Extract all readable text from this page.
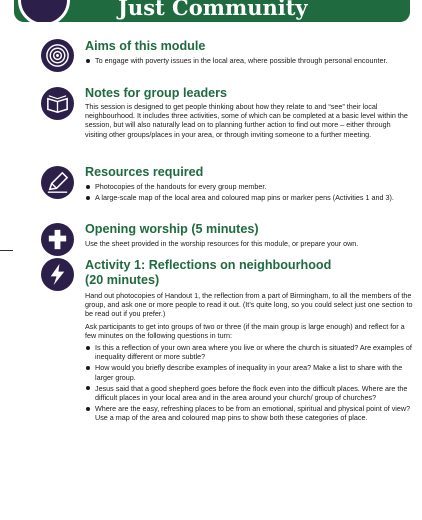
Just Community
Aims of this module
To engage with poverty issues in the local area, where possible through personal encounter.
Notes for group leaders

This session is designed to get people thinking about how they relate to and “see” their local neighbourhood. It includes three activities, some of which can be completed at a basic level within the session, but will also naturally lead on to planning further action to find out more – either through visiting other groups/places in your area, or through inviting someone to a further meeting.

Resources required
Photocopies of the handouts for every group member.
A large-scale map of the local area and coloured map pins or marker pens (Activities 1 and 3).
Opening worship (5 minutes)

Use the sheet provided in the worship resources for this module, or prepare your own.

Activity 1: Reflections on neighbourhood
(20 minutes)

Hand out photocopies of Handout 1, the reflection from a part of Birmingham, to all the members of the group, and ask one or more people to read it out. (It’s quite long, so you could select just one section to be read out if you prefer.)

Ask participants to get into groups of two or three (if the main group is large enough) and reflect for a few minutes on the following questions in turn:

Is this a reflection of your own area where you live or where the church is situated? Are examples of inequality different or more subtle?
How would you briefly describe examples of inequality in your area? Make a list to share with the larger group.
Jesus said that a good shepherd goes before the flock even into the difficult places. Where are the difficult places in your local area and in the area around your church/ group of churches?
Where are the easy, refreshing places to be from an emotional, spiritual and physical point of view? Use a map of the area and coloured map pins to show both these categories of place.
